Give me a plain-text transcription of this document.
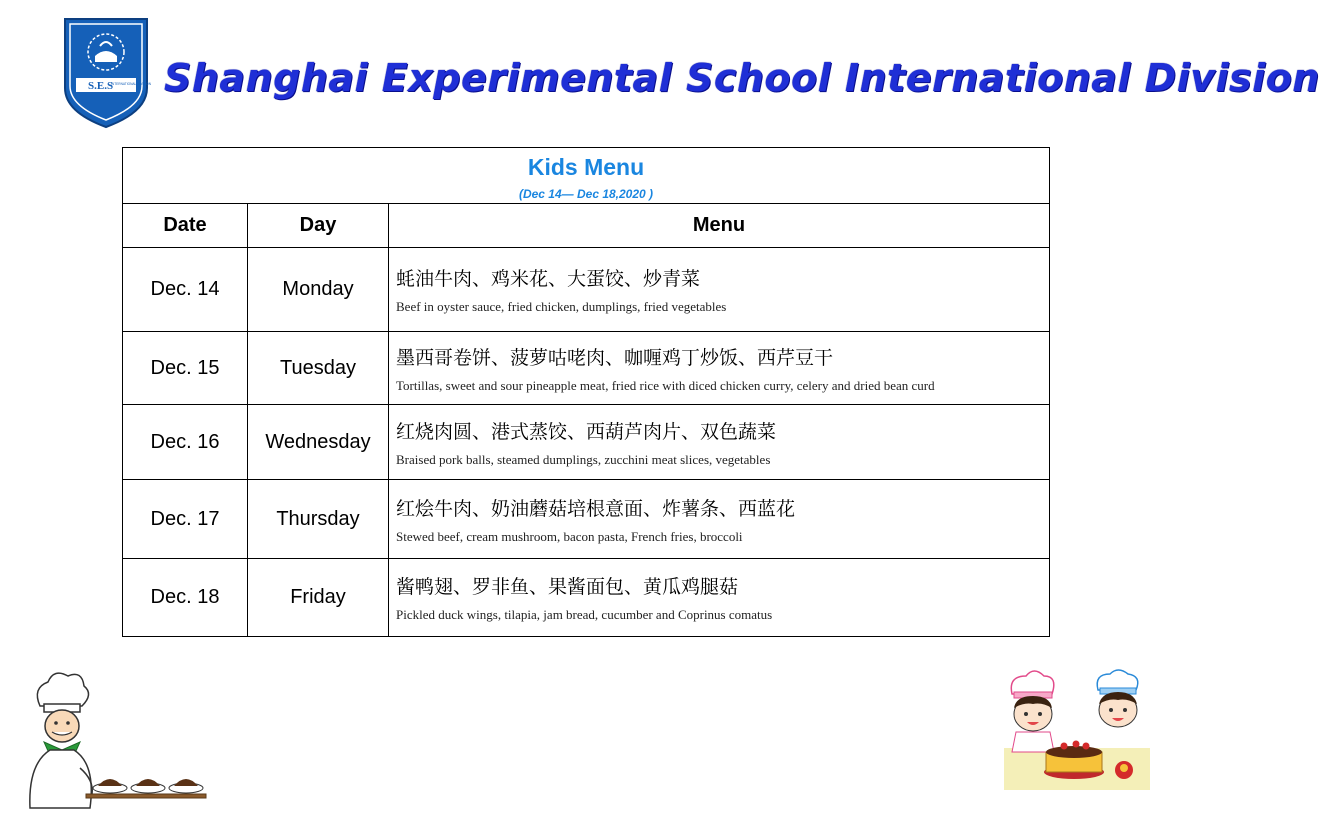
S.E.S
INTERNATIONAL DIVISION Shanghai Experimental School International Division
Kids Menu
(Dec 14— Dec 18,2020 )		

Date	Day	Menu
Dec. 14	Monday	蚝油牛肉、鸡米花、大蛋饺、炒青菜
Beef in oyster sauce, fried chicken, dumplings, fried vegetables

Dec. 15	Tuesday	墨西哥卷饼、菠萝咕咾肉、咖喱鸡丁炒饭、西芹豆干
Tortillas, sweet and sour pineapple meat, fried rice with diced chicken curry, celery and dried bean curd

Dec. 16	Wednesday	红烧肉圆、港式蒸饺、西葫芦肉片、双色蔬菜
Braised pork balls, steamed dumplings, zucchini meat slices, vegetables

Dec. 17	Thursday	红烩牛肉、奶油蘑菇培根意面、炸薯条、西蓝花
Stewed beef, cream mushroom, bacon pasta, French fries, broccoli

Dec. 18	Friday	酱鸭翅、罗非鱼、果酱面包、黄瓜鸡腿菇
Pickled duck wings, tilapia, jam bread, cucumber and Coprinus comatus
